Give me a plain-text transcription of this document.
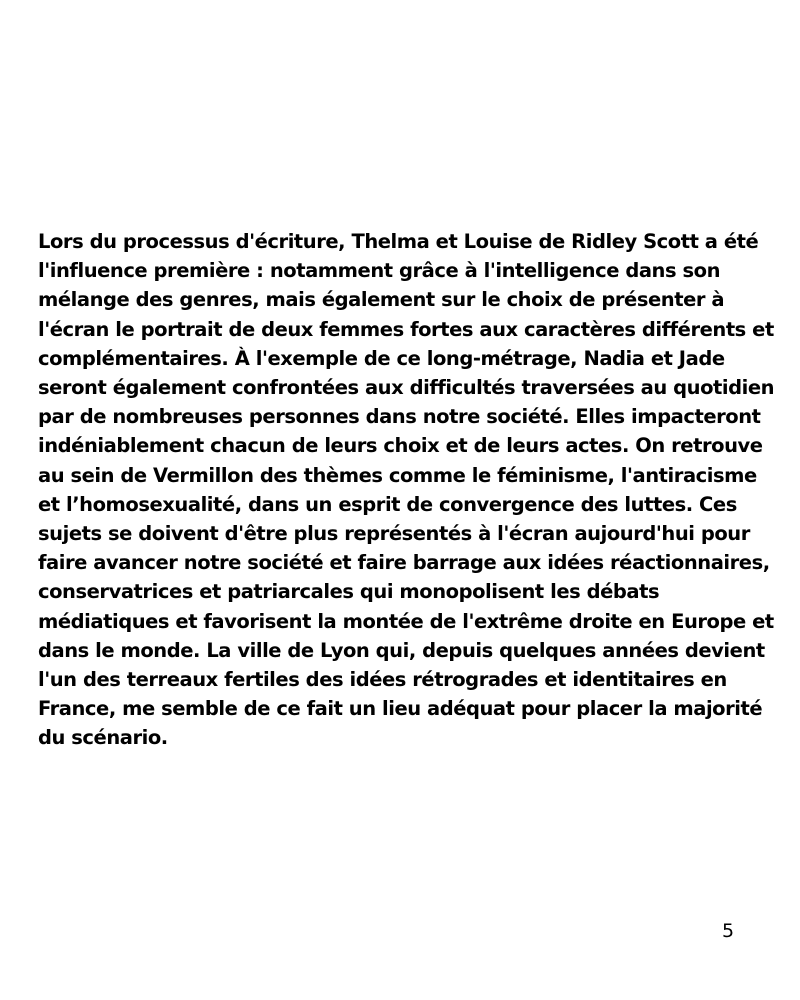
Lors du processus d'écriture, Thelma et Louise de Ridley Scott a été
l'influence première : notamment grâce à l'intelligence dans son
mélange des genres, mais également sur le choix de présenter à
l'écran le portrait de deux femmes fortes aux caractères différents et
complémentaires. À l'exemple de ce long-métrage, Nadia et Jade
seront également confrontées aux difficultés traversées au quotidien
par de nombreuses personnes dans notre société. Elles impacteront
indéniablement chacun de leurs choix et de leurs actes. On retrouve
au sein de Vermillon des thèmes comme le féminisme, l'antiracisme
et l’homosexualité, dans un esprit de convergence des luttes. Ces
sujets se doivent d'être plus représentés à l'écran aujourd'hui pour
faire avancer notre société et faire barrage aux idées réactionnaires,
conservatrices et patriarcales qui monopolisent les débats
médiatiques et favorisent la montée de l'extrême droite en Europe et
dans le monde. La ville de Lyon qui, depuis quelques années devient
l'un des terreaux fertiles des idées rétrogrades et identitaires en
France, me semble de ce fait un lieu adéquat pour placer la majorité
du scénario.

5
